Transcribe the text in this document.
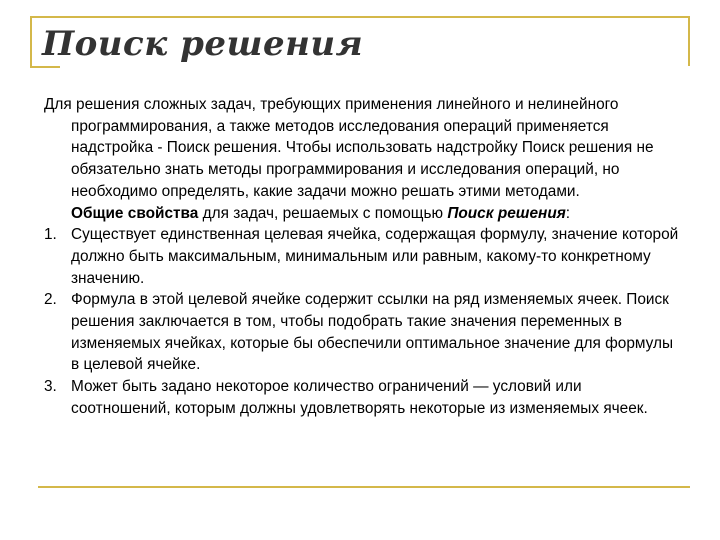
Поиск решения

Для решения сложных задач, требующих применения линейного и нелинейного программирования, а также методов исследования операций применяется надстройка - Поиск решения. Чтобы использовать надстройку Поиск решения не обязательно знать методы программирования и исследования операций, но необходимо определять, какие задачи можно решать этими методами.

Общие свойства для задач, решаемых с помощью Поиск решения:

1. Существует единственная целевая ячейка, содержащая формулу, значение которой должно быть максимальным, минимальным или равным, какому-то конкретному значению.
2. Формула в этой целевой ячейке содержит ссылки на ряд изменяемых ячеек. Поиск решения заключается в том, чтобы подобрать такие значения переменных в изменяемых ячейках, которые бы обеспечили оптимальное значение для формулы в целевой ячейке.
3. Может быть задано некоторое количество ограничений — условий или соотношений, которым должны удовлетворять некоторые из изменяемых ячеек.
